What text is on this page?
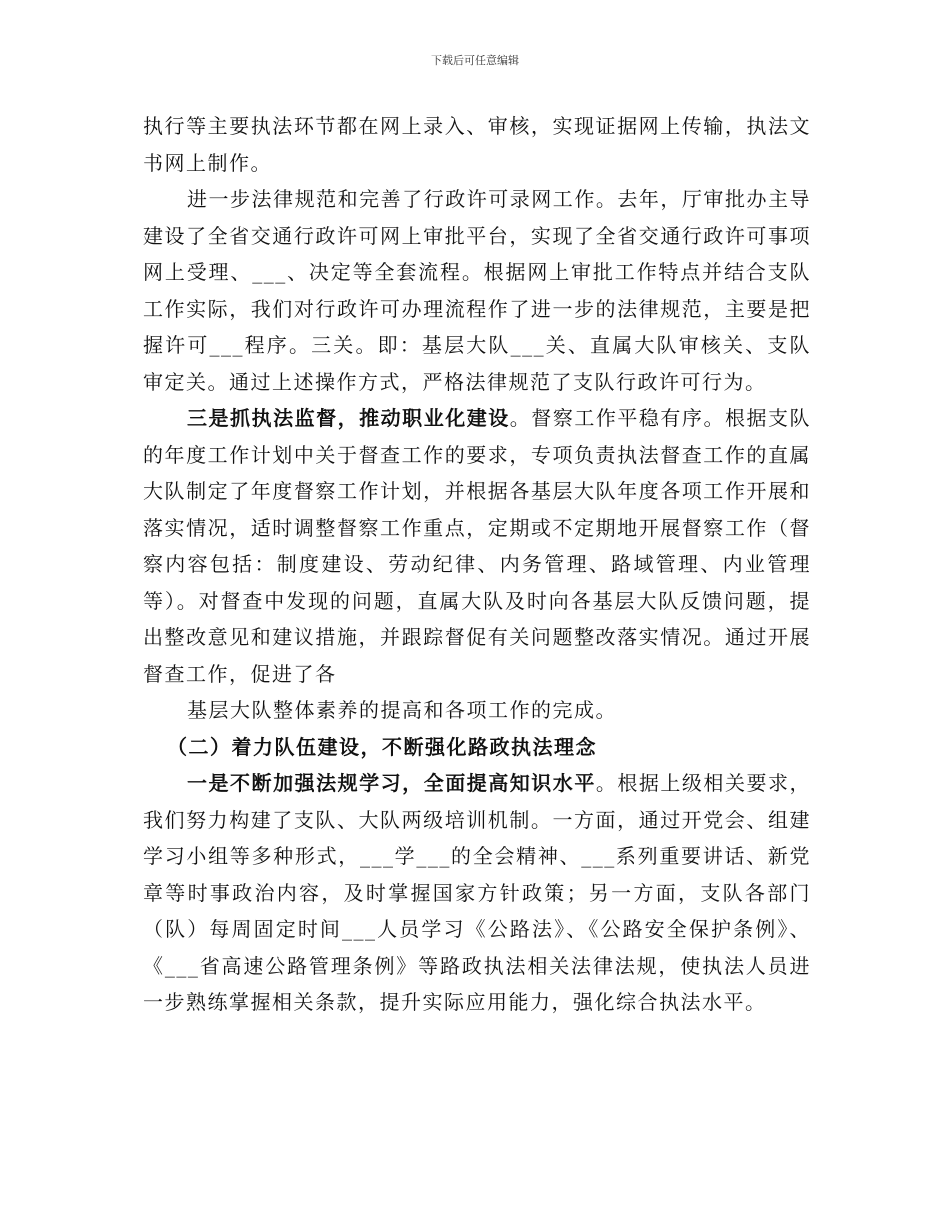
下载后可任意编辑

执行等主要执法环节都在网上录入、审核，实现证据网上传输，执法文书网上制作。

进一步法律规范和完善了行政许可录网工作。去年，厅审批办主导建设了全省交通行政许可网上审批平台，实现了全省交通行政许可事项网上受理、___、决定等全套流程。根据网上审批工作特点并结合支队工作实际，我们对行政许可办理流程作了进一步的法律规范，主要是把握许可___程序。三关。即：基层大队___关、直属大队审核关、支队审定关。通过上述操作方式，严格法律规范了支队行政许可行为。

三是抓执法监督，推动职业化建设。督察工作平稳有序。根据支队的年度工作计划中关于督查工作的要求，专项负责执法督查工作的直属大队制定了年度督察工作计划，并根据各基层大队年度各项工作开展和落实情况，适时调整督察工作重点，定期或不定期地开展督察工作（督察内容包括：制度建设、劳动纪律、内务管理、路域管理、内业管理等）。对督查中发现的问题，直属大队及时向各基层大队反馈问题，提出整改意见和建议措施，并跟踪督促有关问题整改落实情况。通过开展督查工作，促进了各

基层大队整体素养的提高和各项工作的完成。

（二）着力队伍建设，不断强化路政执法理念

一是不断加强法规学习，全面提高知识水平。根据上级相关要求，我们努力构建了支队、大队两级培训机制。一方面，通过开党会、组建学习小组等多种形式，___学___的全会精神、___系列重要讲话、新党章等时事政治内容，及时掌握国家方针政策；另一方面，支队各部门（队）每周固定时间___人员学习《公路法》、《公路安全保护条例》、《___省高速公路管理条例》等路政执法相关法律法规，使执法人员进一步熟练掌握相关条款，提升实际应用能力，强化综合执法水平。
